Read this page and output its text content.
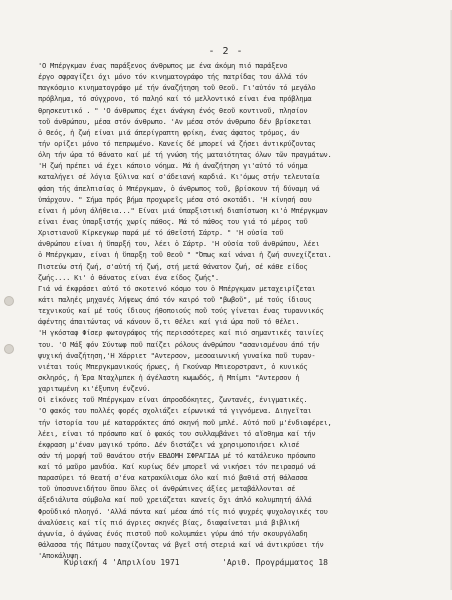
- 2 -
'Ο Μπέργκμαν ένας παράξενος άνθρωπος με ένα άκόμη πιό παράξενο
έργο σφραγίζει όχι μόνο τόν κινηματογράφο τής πατρίδας του άλλά τόν
παγκόσμιο κινηματογράφο μέ τήν άναζήτηση τοῦ Θεοῦ. Γι'αὐτόν τό μεγάλο
πρόβλημα, τό σύγχρονο, τό παληό καί τό μελλοντικό είναι ένα πρόβλημα
θρησκευτικό . " 'Ο άνθρωπος έχει άνάγκη ένός θεοῦ κοντινοῦ, πλησίον
τοῦ άνθρώπου, μέσα στόν άνθρωπο. 'Αν μέσα στόν άνθρωπο δέν βρίσκεται
ὁ Θεός, ἡ ζωή είναι μιά άπερίγραπτη φρίκη, ένας άφατος τρόμος, άν
τήν ορίζει μόνο τό πεπρωμένο. Κανείς δέ μπορεί νά ζήσει άντικρύζοντας
όλη τήν ώρα τό θάνατο καί μέ τή γνώση τής ματαιότητας όλων τῶν πραγμάτων.
'Η ζωή πρέπει νά έχει κάποιο νόημα. Μά ἡ άναζήτηση γι'αὐτό τό νόημα
καταλήγει σέ λόγια ξύλινα καί σ'άδειανή καρδιά. Κι'όμως στήν τελευταία
φάση τής άπελπισίας ὁ Μπέργκμαν, ὁ άνθρωπος τοῦ, βρίσκουν τή δύναμη νά
ὑπάρχουν. " Σήμα πρός βήμα προχωρεῖς μέσα στό σκοτάδι. 'Η κίνησή σου
είναι ἡ μόνη άλήθεια..." Είναι μιά ὑπαρξιστική διαπίστωση κι'ὁ Μπέργκμαν
είναι ένας ὑπαρξιστής χωρίς πάθος. Μά τό πάθος του γιά τό μέρος τοῦ
Χριστιανοῦ Κίρκεγκωρ παρά μέ τό άθεϊστή Σάρτρ. " 'Η οὐσία τοῦ
άνθρώπου είναι ἡ ὕπαρξή του, λέει ὁ Σάρτρ. 'Η οὐσία τοῦ άνθρώπου, λέει
ὁ Μπέργκμαν, είναι ἡ ὕπαρξη τοῦ Θεοῦ " "Όπως καί νάναι ἡ ζωή συνεχίζεται.
Πιστεύω στή ζωή, σ'αὐτή τή ζωή, στή μετά θάνατον ζωή, σέ κάθε είδος
ζωής.... Κι' ὁ θάνατος είναι ένα είδος ζωής".
Γιά νά έκφράσει αὐτό τό σκοτεινό κόσμο του ὁ Μπέργκμαν μεταχειρίζεται
κάτι παληές μηχανές λήψεως άπό τόν καιρό τοῦ "βωβοῦ", μέ τούς ίδιους
τεχνικούς καί μέ τούς ίδιους ήθοποιούς ποῦ τούς γίνεται ένας τυραννικός
άφέντης άπαιτώντας νά κάνουν ὅ,τι θέλει καί γιά ώρα ποῦ τό θέλει.
'Η γκόσταφ Φίσερ φωτογράφος τής περισσότερες καί πιό σημαντικές ταινίες
του. 'Ο Μάξ φόν Σύντωφ ποῦ παίζει ρόλους άνθρώπου "ασανισμένου άπό τήν
ψυχική άναζήτηση,'Η Χάρριετ "Αντερσον, μεσοαιωνική γυναίκα ποῦ τυραν-
νιέται τούς Μπεργκμανικούς ήρωες, ἡ Γκούναρ Μπιεορστραντ, ὁ κυνικός
σκληρός, ἡ Έρα Νταχλμπεκ ἡ άγέλαστη κωμωδός, ἡ Μπίμπι "Αντερσον ἡ
χαριτωμένη κι'έξυπνη ένζενύ.
Οἱ εἰκόνες τοῦ Μπέργκμαν είναι άπροσδόκητες, ζωντανές, ένιγματικές.
'Ο φακός του πολλές φορές σχολιάζει είρωνικά τά γιγνόμενα. Διηγεῖται
τήν ἱστορία του μέ καταρράκτες άπό σκηνή ποῦ μπλέ. Αὐτό ποῦ μ'ένδιαφέρει,
λέει, είναι τό πρόσωπο καί ὁ φακός του συλλαμβάνει τό αἴσθημα καί τήν
έκφραση μ'έναν μαγικό τρόπο. Δέν διστάζει νά χρησιμοποιήσει κλισέ
σάν τή μορφή τοῦ θανάτου στήν ΕΒΔΟΜΗ ΣΦΡΑΓΙΔΑ μέ τό κατάλευκο πρόσωπο
καί τό μαῦρο μανδύα. Καί κυρίως δέν μπορεῖ νά νικήσει τόν πειρασμό νά
παρασύρει τό θεατή σ'ένα κατρακύλισμα όλο καί πιό βαθιά στή θάλασσα
τοῦ ὑποσυνειδήτου ὅπου ὅλες οἱ άνθρώπινες άξίες μεταβάλλονται σέ
άξεδιάλυτα σύμβολα καί ποῦ χρειάζεται κανείς ὄχι άπλό κολυμπητή άλλά
Φροϋδικό πλοηγό. 'Αλλά πάντα καί μέσα άπό τίς πιό ψυχρές ψυχολογικές του
άναλύσεις καί τίς πιό άγριες σκηνές βίας, διαφαίνεται μιά βιβλική
άγωνία, ὁ άγώνας ένός πιστοῦ ποῦ κολυμπάει γύρω άπό τήν σκουργόλαδη
θάλασσα τής Πάτμου πασχίζοντας νά βγεῖ στή στεριά καί νά άντικρύσει τήν
'Αποκάλυψη.
Κυριακή 4 'Απριλίου 1971	'Αριθ. Προγράμματος 18
